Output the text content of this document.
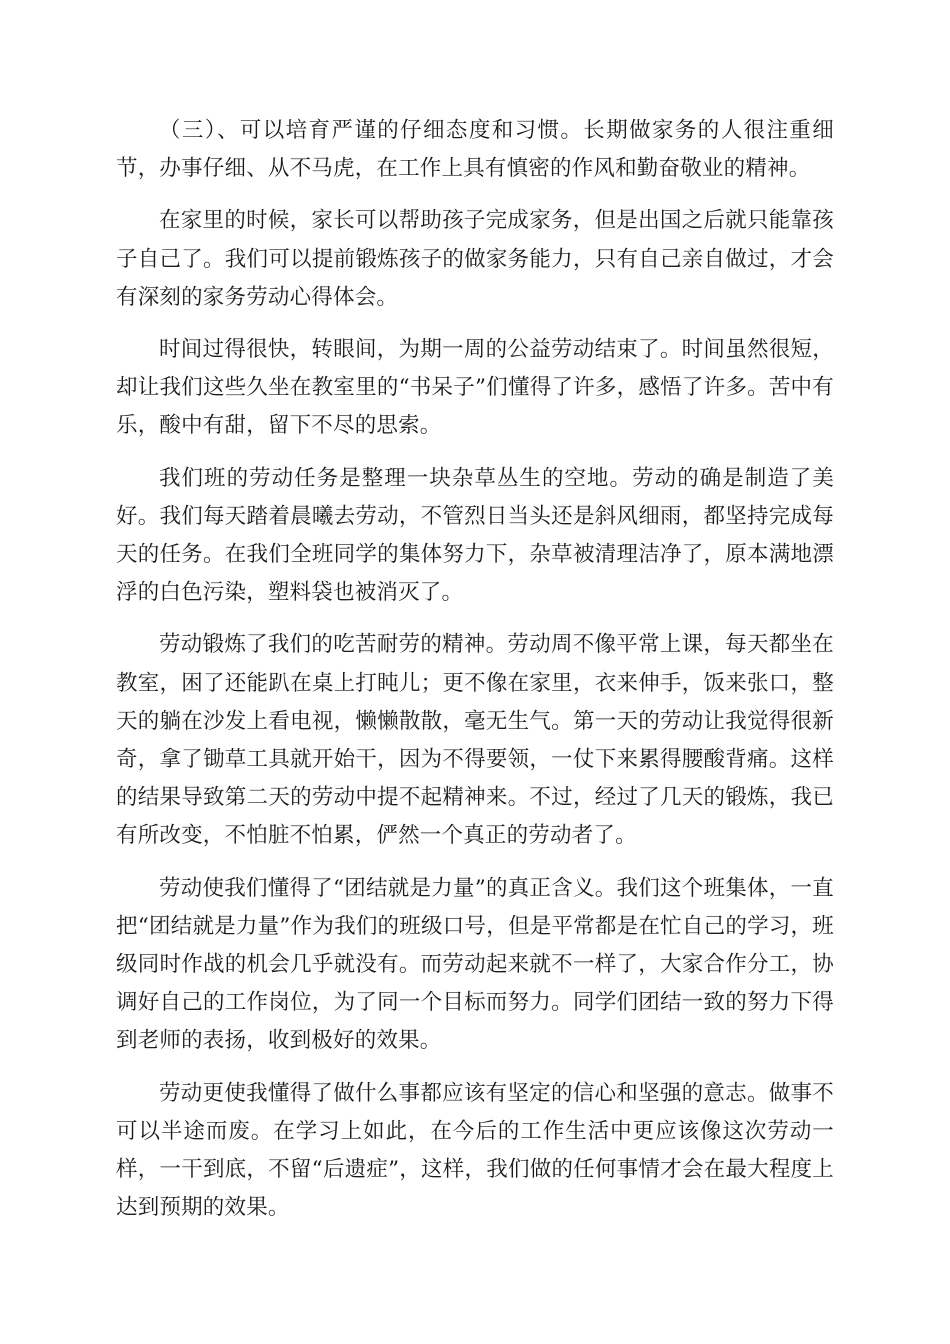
（三）、可以培育严谨的仔细态度和习惯。长期做家务的人很注重细节，办事仔细、从不马虎，在工作上具有慎密的作风和勤奋敬业的精神。

在家里的时候，家长可以帮助孩子完成家务，但是出国之后就只能靠孩子自己了。我们可以提前锻炼孩子的做家务能力，只有自己亲自做过，才会有深刻的家务劳动心得体会。

时间过得很快，转眼间，为期一周的公益劳动结束了。时间虽然很短，却让我们这些久坐在教室里的“书呆子”们懂得了许多，感悟了许多。苦中有乐，酸中有甜，留下不尽的思索。

我们班的劳动任务是整理一块杂草丛生的空地。劳动的确是制造了美好。我们每天踏着晨曦去劳动，不管烈日当头还是斜风细雨，都坚持完成每天的任务。在我们全班同学的集体努力下，杂草被清理洁净了，原本满地漂浮的白色污染，塑料袋也被消灭了。

劳动锻炼了我们的吃苦耐劳的精神。劳动周不像平常上课，每天都坐在教室，困了还能趴在桌上打盹儿；更不像在家里，衣来伸手，饭来张口，整天的躺在沙发上看电视，懒懒散散，毫无生气。第一天的劳动让我觉得很新奇，拿了锄草工具就开始干，因为不得要领，一仗下来累得腰酸背痛。这样的结果导致第二天的劳动中提不起精神来。不过，经过了几天的锻炼，我已有所改变，不怕脏不怕累，俨然一个真正的劳动者了。

劳动使我们懂得了“团结就是力量”的真正含义。我们这个班集体，一直把“团结就是力量”作为我们的班级口号，但是平常都是在忙自己的学习，班级同时作战的机会几乎就没有。而劳动起来就不一样了，大家合作分工，协调好自己的工作岗位，为了同一个目标而努力。同学们团结一致的努力下得到老师的表扬，收到极好的效果。

劳动更使我懂得了做什么事都应该有坚定的信心和坚强的意志。做事不可以半途而废。在学习上如此，在今后的工作生活中更应该像这次劳动一样，一干到底，不留“后遗症”，这样，我们做的任何事情才会在最大程度上达到预期的效果。
